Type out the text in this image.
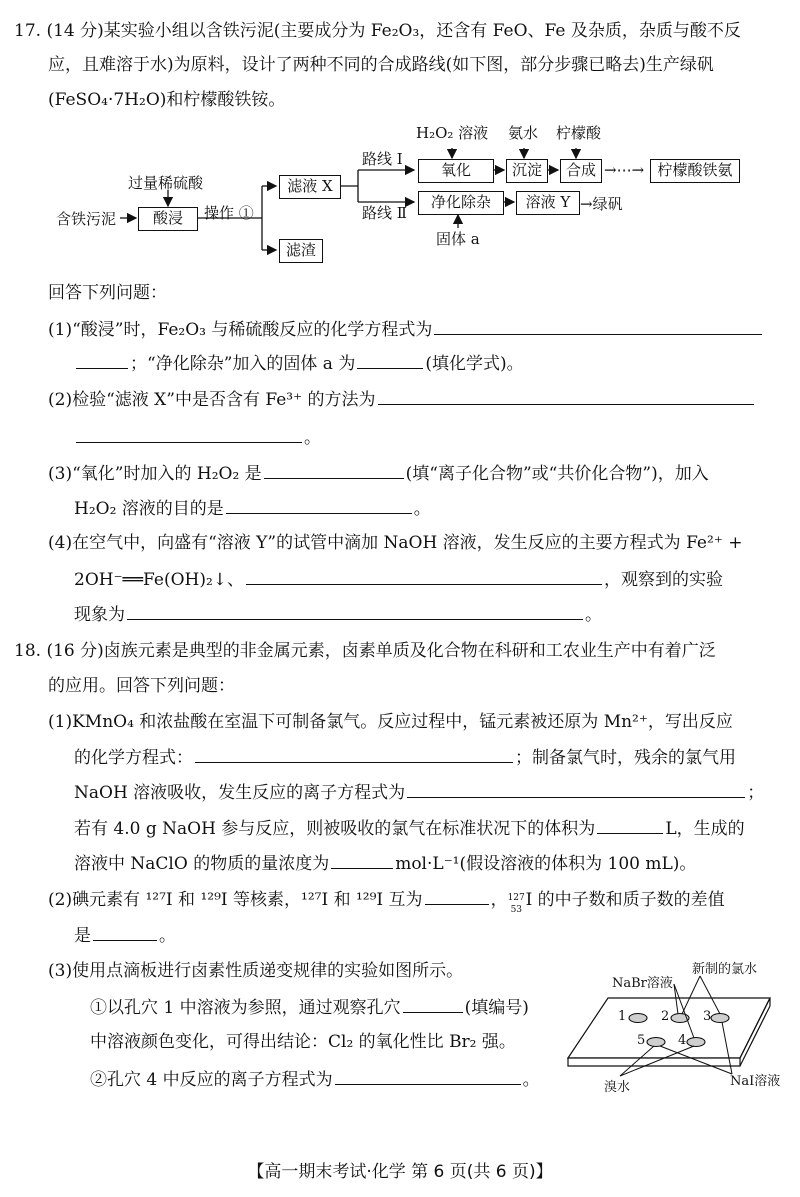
17. (14 分)某实验小组以含铁污泥(主要成分为 Fe₂O₃，还含有 FeO、Fe 及杂质，杂质与酸不反
应，且难溶于水)为原料，设计了两种不同的合成路线(如下图，部分步骤已略去)生产绿矾
(FeSO₄·7H₂O)和柠檬酸铁铵。
H₂O₂ 溶液 氨水 柠檬酸
过量稀硫酸
路线 Ⅰ
路线 Ⅱ
含铁污泥	操作 ①
酸浸
滤液 X
滤渣
氧化	沉淀	合成 →⋯→ 柠檬酸铁氨
净化除杂	溶液 Y →绿矾
固体 a
回答下列问题：
(1)“酸浸”时，Fe₂O₃ 与稀硫酸反应的化学方程式为
；“净化除杂”加入的固体 a 为	(填化学式)。
(2)检验“滤液 X”中是否含有 Fe³⁺ 的方法为
。
(3)“氧化”时加入的 H₂O₂ 是	(填“离子化合物”或“共价化合物”)，加入
H₂O₂ 溶液的目的是	。
(4)在空气中，向盛有“溶液 Y”的试管中滴加 NaOH 溶液，发生反应的主要方程式为 Fe²⁺ +
2OH⁻══Fe(OH)₂↓、	，观察到的实验
现象为	。
18. (16 分)卤族元素是典型的非金属元素，卤素单质及化合物在科研和工农业生产中有着广泛
的应用。回答下列问题：
(1)KMnO₄ 和浓盐酸在室温下可制备氯气。反应过程中，锰元素被还原为 Mn²⁺，写出反应
的化学方程式：	；制备氯气时，残余的氯气用
NaOH 溶液吸收，发生反应的离子方程式为	；
若有 4.0 g NaOH 参与反应，则被吸收的氯气在标准状况下的体积为	L，生成的
溶液中 NaClO 的物质的量浓度为	mol·L⁻¹(假设溶液的体积为 100 mL)。
(2)碘元素有 ¹²⁷I 和 ¹²⁹I 等核素，¹²⁷I 和 ¹²⁹I 互为	， 127
53 I 的中子数和质子数的差值
是	。
(3)使用点滴板进行卤素性质递变规律的实验如图所示。
①以孔穴 1 中溶液为参照，通过观察孔穴	(填编号)
中溶液颜色变化，可得出结论：Cl₂ 的氧化性比 Br₂ 强。
②孔穴 4 中反应的离子方程式为	。
NaBr溶液
新制的氯水
溴水	NaI溶液
1	2	3
5	4
【高一期末考试·化学 第 6 页(共 6 页)】
